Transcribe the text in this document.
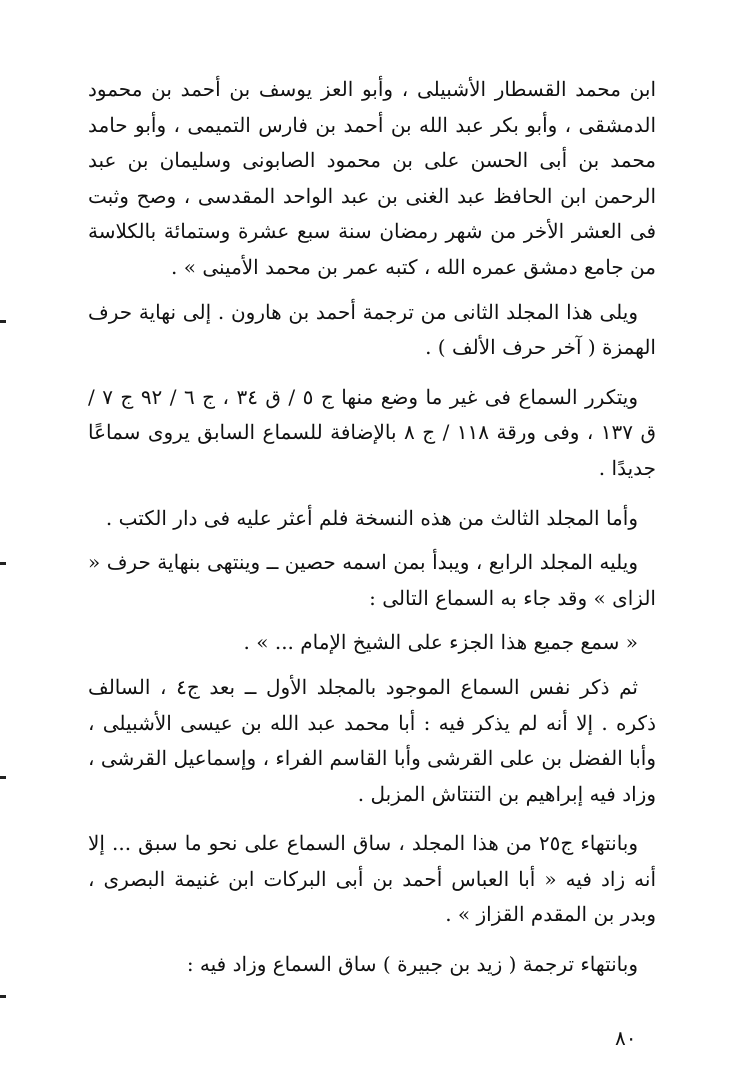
ابن محمد القسطار الأشبيلى ، وأبو العز يوسف بن أحمد بن محمود الدمشقى ، وأبو بكر عبد الله بن أحمد بن فارس التميمى ، وأبو حامد محمد بن أبى الحسن على بن محمود الصابونى وسليمان بن عبد الرحمن ابن الحافظ عبد الغنى بن عبد الواحد المقدسى ، وصح وثبت فى العشر الأخر من شهر رمضان سنة سبع عشرة وستمائة بالكلاسة من جامع دمشق عمره الله ، كتبه عمر بن محمد الأمينى » .

ويلى هذا المجلد الثانى من ترجمة أحمد بن هارون . إلى نهاية حرف الهمزة ( آخر حرف الألف ) .

ويتكرر السماع فى غير ما وضع منها ج ٥ / ق ٣٤ ، ج ٦ / ٩٢ ج ٧ / ق ١٣٧ ، وفى ورقة ١١٨ / ج ٨ بالإضافة للسماع السابق يروى سماعًا جديدًا .

وأما المجلد الثالث من هذه النسخة فلم أعثر عليه فى دار الكتب .

ويليه المجلد الرابع ، ويبدأ بمن اسمه حصين ــ وينتهى بنهاية حرف « الزاى » وقد جاء به السماع التالى :

« سمع جميع هذا الجزء على الشيخ الإمام ... » .

ثم ذكر نفس السماع الموجود بالمجلد الأول ــ بعد ج٤ ، السالف ذكره . إلا أنه لم يذكر فيه : أبا محمد عبد الله بن عيسى الأشبيلى ، وأبا الفضل بن على القرشى وأبا القاسم الفراء ، وإسماعيل القرشى ، وزاد فيه إبراهيم بن التنتاش المزبل .

وبانتهاء ج٢٥ من هذا المجلد ، ساق السماع على نحو ما سبق ... إلا أنه زاد فيه « أبا العباس أحمد بن أبى البركات ابن غنيمة البصرى ، وبدر بن المقدم القزاز » .

وبانتهاء ترجمة ( زيد بن جبيرة ) ساق السماع وزاد فيه :

٨٠
